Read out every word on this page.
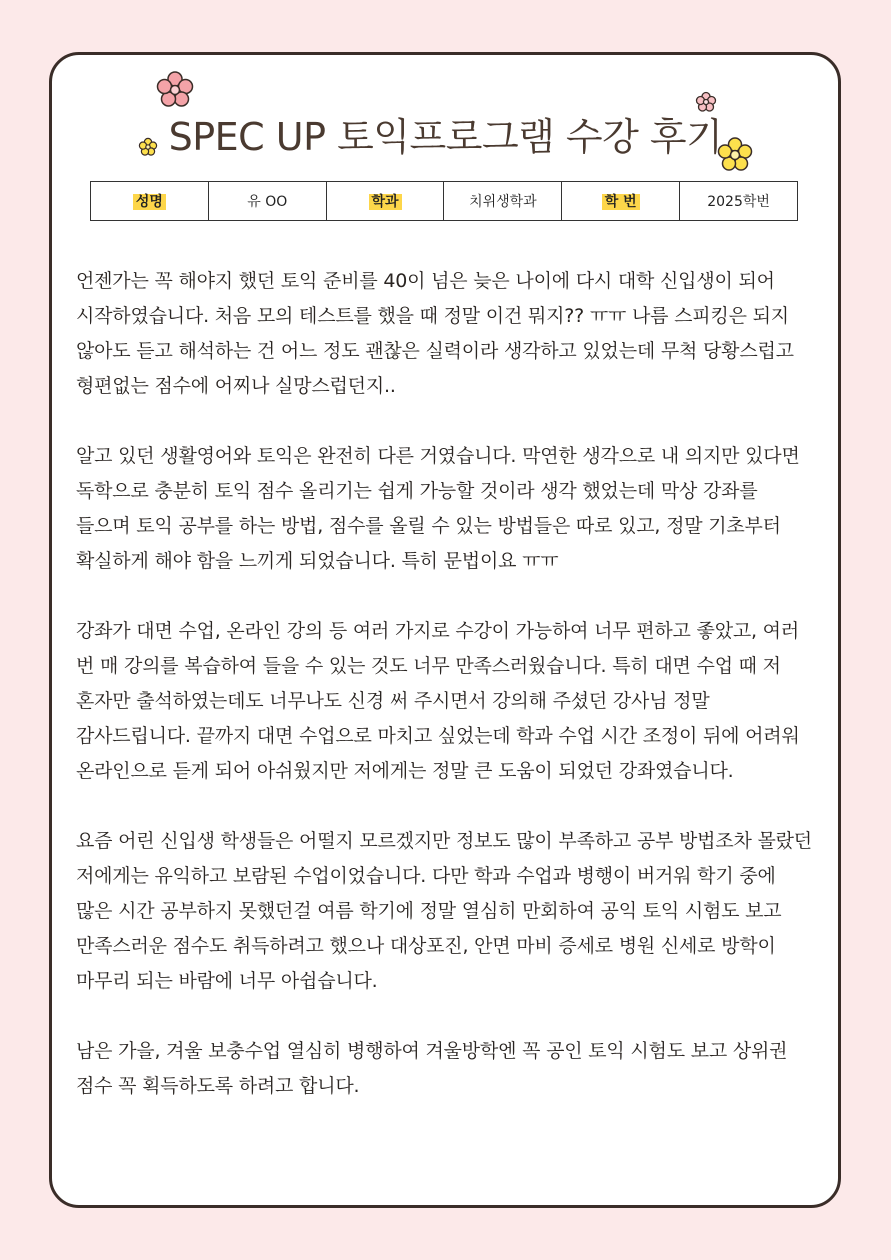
SPEC UP 토익프로그램 수강 후기
성명	유 OO	학과	치위생학과	학 번	2025학번

언젠가는 꼭 해야지 했던 토익 준비를 40이 넘은 늦은 나이에 다시 대학 신입생이 되어 시작하였습니다. 처음 모의 테스트를 했을 때 정말 이건 뭐지?? ㅠㅠ 나름 스피킹은 되지 않아도 듣고 해석하는 건 어느 정도 괜찮은 실력이라 생각하고 있었는데 무척 당황스럽고 형편없는 점수에 어찌나 실망스럽던지..

알고 있던 생활영어와 토익은 완전히 다른 거였습니다. 막연한 생각으로 내 의지만 있다면 독학으로 충분히 토익 점수 올리기는 쉽게 가능할 것이라 생각 했었는데 막상 강좌를 들으며 토익 공부를 하는 방법, 점수를 올릴 수 있는 방법들은 따로 있고, 정말 기초부터 확실하게 해야 함을 느끼게 되었습니다. 특히 문법이요 ㅠㅠ

강좌가 대면 수업, 온라인 강의 등 여러 가지로 수강이 가능하여 너무 편하고 좋았고, 여러 번 매 강의를 복습하여 들을 수 있는 것도 너무 만족스러웠습니다. 특히 대면 수업 때 저 혼자만 출석하였는데도 너무나도 신경 써 주시면서 강의해 주셨던 강사님 정말 감사드립니다. 끝까지 대면 수업으로 마치고 싶었는데 학과 수업 시간 조정이 뒤에 어려워 온라인으로 듣게 되어 아쉬웠지만 저에게는 정말 큰 도움이 되었던 강좌였습니다.

요즘 어린 신입생 학생들은 어떨지 모르겠지만 정보도 많이 부족하고 공부 방법조차 몰랐던 저에게는 유익하고 보람된 수업이었습니다. 다만 학과 수업과 병행이 버거워 학기 중에 많은 시간 공부하지 못했던걸 여름 학기에 정말 열심히 만회하여 공익 토익 시험도 보고 만족스러운 점수도 취득하려고 했으나 대상포진, 안면 마비 증세로 병원 신세로 방학이 마무리 되는 바람에 너무 아쉽습니다.

남은 가을, 겨울 보충수업 열심히 병행하여 겨울방학엔 꼭 공인 토익 시험도 보고 상위권 점수 꼭 획득하도록 하려고 합니다.
